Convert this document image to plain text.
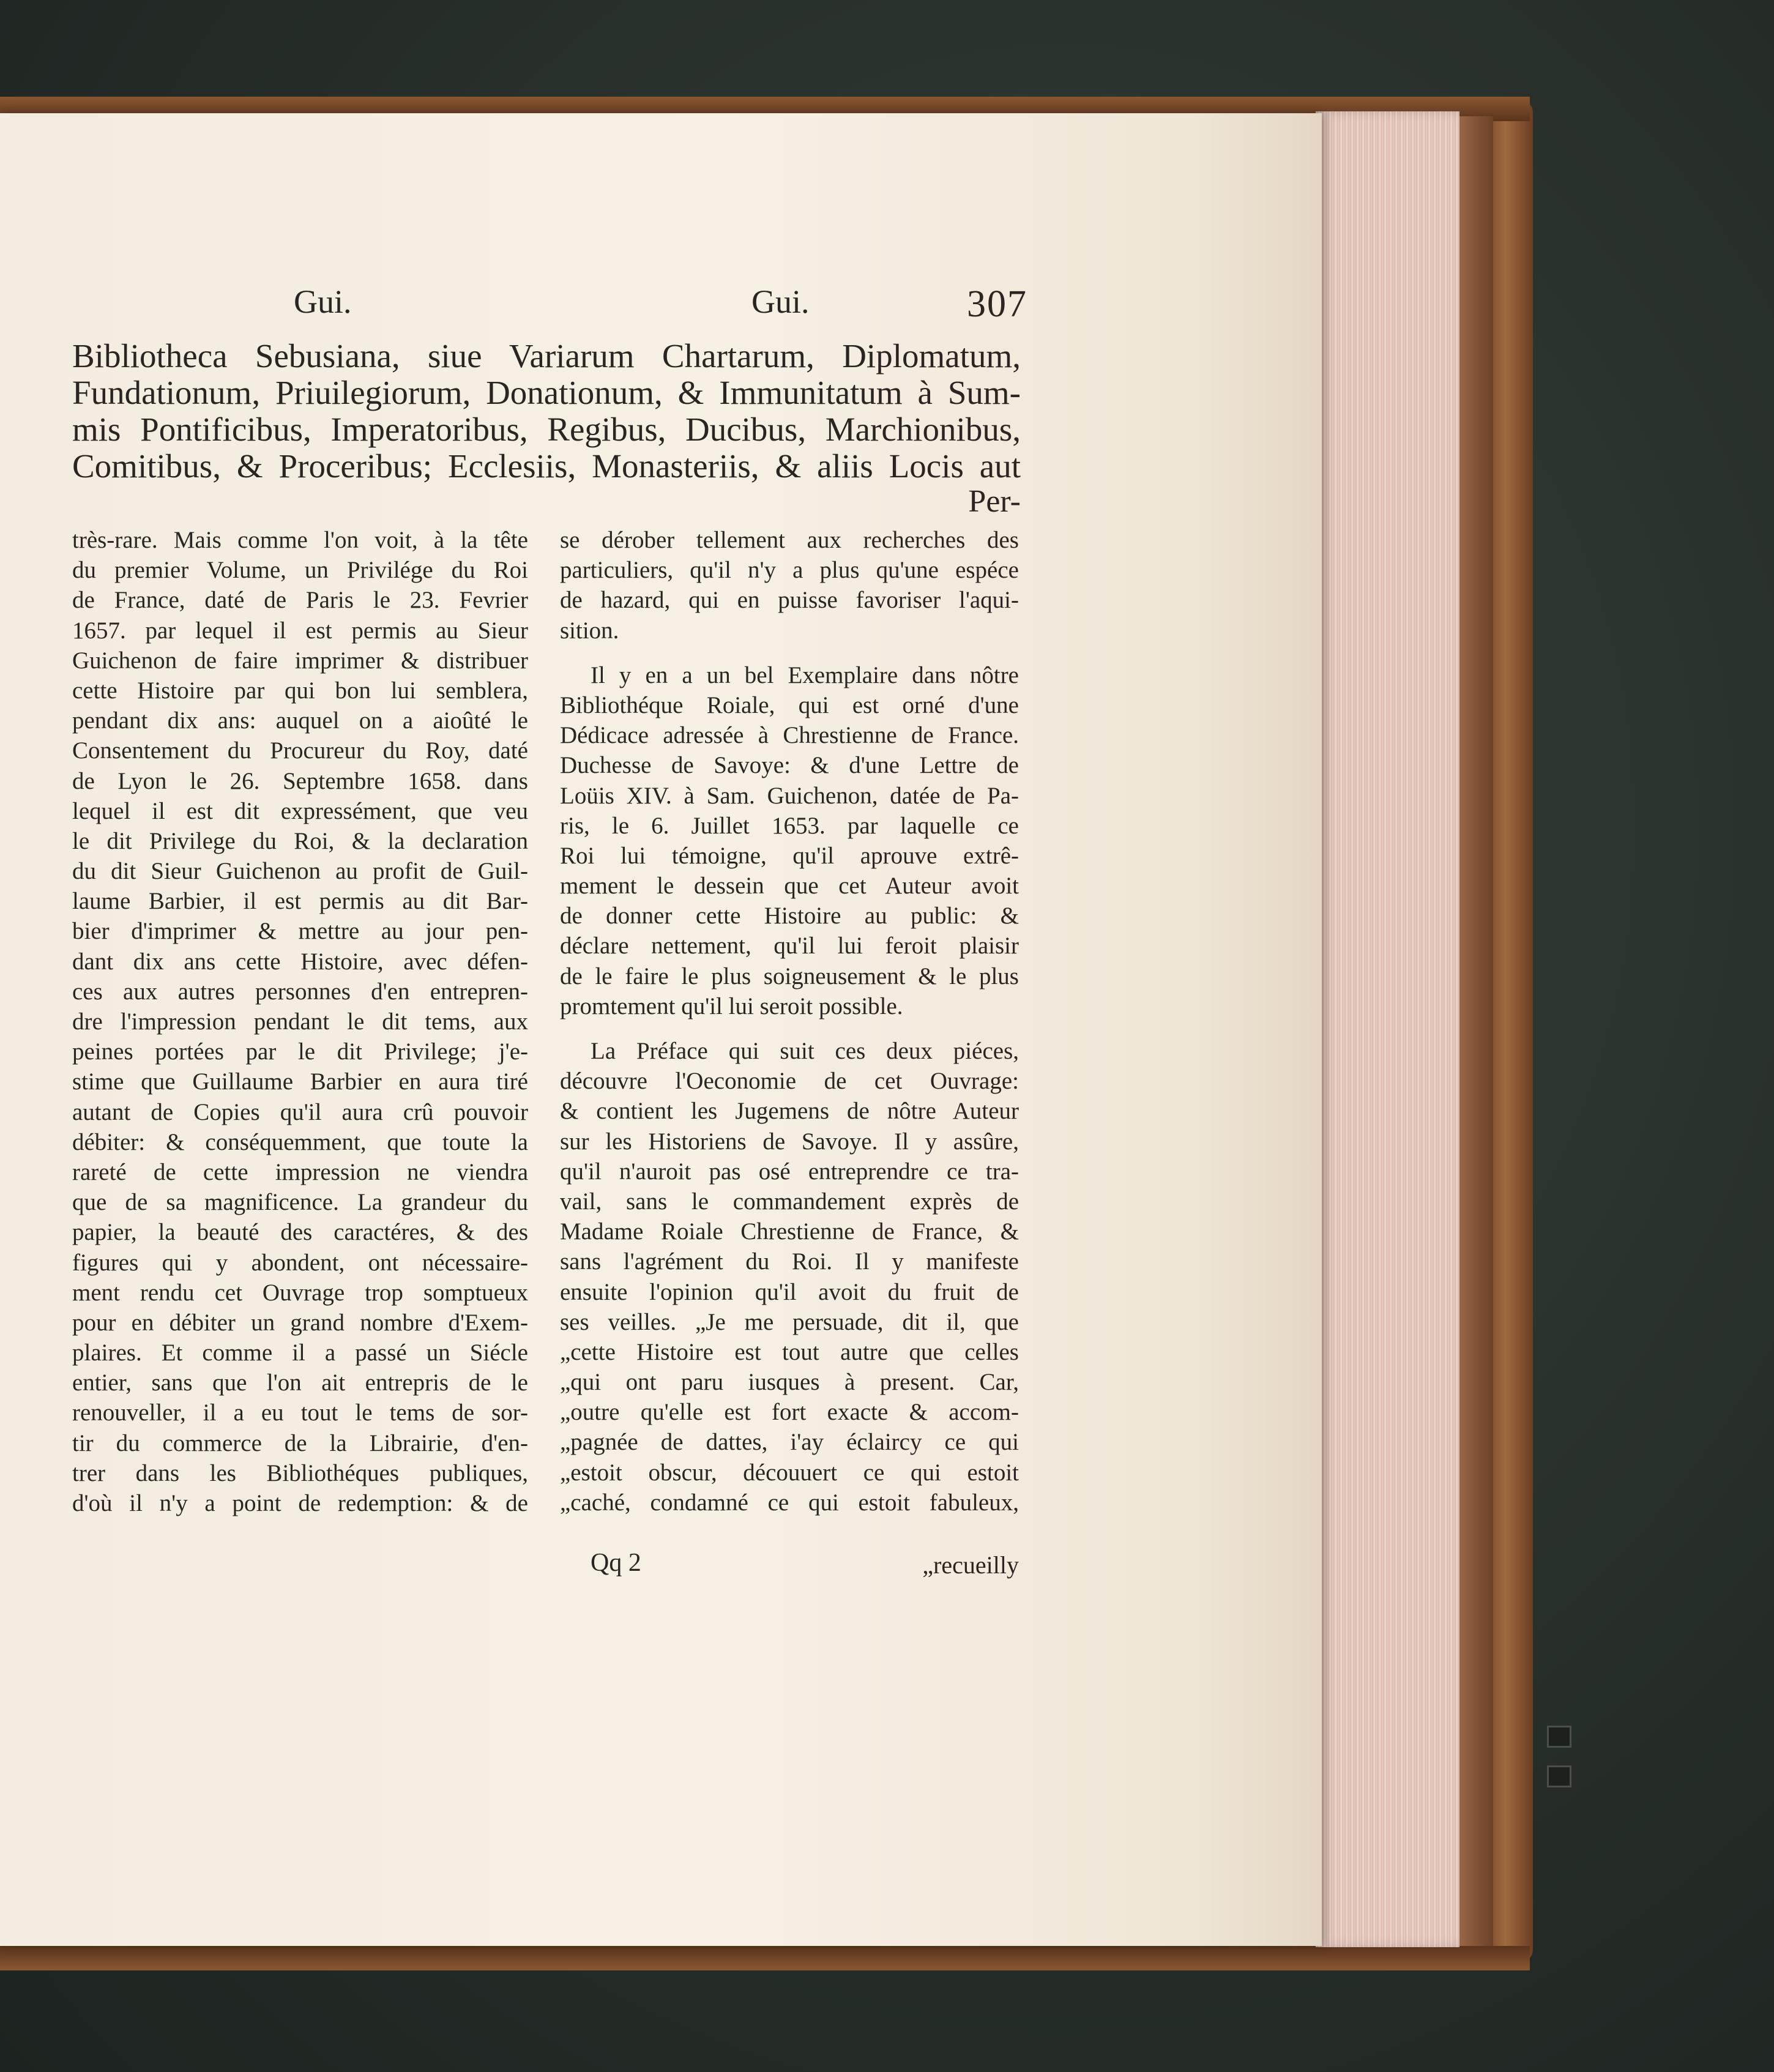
Gui.	Gui.	307
Bibliotheca Sebusiana, siue Variarum Chartarum, Diplomatum,
Fundationum, Priuilegiorum, Donationum, & Immunitatum à Sum-
mis Pontificibus, Imperatoribus, Regibus, Ducibus, Marchionibus,
Comitibus, & Proceribus; Ecclesiis, Monasteriis, & aliis Locis aut
Per-
très-rare. Mais comme l'on voit, à la tête
du premier Volume, un Privilége du Roi
de France, daté de Paris le 23. Fevrier
1657. par lequel il est permis au Sieur
Guichenon de faire imprimer & distribuer
cette Histoire par qui bon lui semblera,
pendant dix ans: auquel on a aioûté le
Consentement du Procureur du Roy, daté
de Lyon le 26. Septembre 1658. dans
lequel il est dit expressément, que veu
le dit Privilege du Roi, & la declaration
du dit Sieur Guichenon au profit de Guil-
laume Barbier, il est permis au dit Bar-
bier d'imprimer & mettre au jour pen-
dant dix ans cette Histoire, avec défen-
ces aux autres personnes d'en entrepren-
dre l'impression pendant le dit tems, aux
peines portées par le dit Privilege; j'e-
stime que Guillaume Barbier en aura tiré
autant de Copies qu'il aura crû pouvoir
débiter: & conséquemment, que toute la
rareté de cette impression ne viendra
que de sa magnificence. La grandeur du
papier, la beauté des caractéres, & des
figures qui y abondent, ont nécessaire-
ment rendu cet Ouvrage trop somptueux
pour en débiter un grand nombre d'Exem-
plaires. Et comme il a passé un Siécle
entier, sans que l'on ait entrepris de le
renouveller, il a eu tout le tems de sor-
tir du commerce de la Librairie, d'en-
trer dans les Bibliothéques publiques,
d'où il n'y a point de redemption: & de
se dérober tellement aux recherches des
particuliers, qu'il n'y a plus qu'une espéce
de hazard, qui en puisse favoriser l'aqui-
sition.
Il y en a un bel Exemplaire dans nôtre
Bibliothéque Roiale, qui est orné d'une
Dédicace adressée à Chrestienne de France.
Duchesse de Savoye: & d'une Lettre de
Loüis XIV. à Sam. Guichenon, datée de Pa-
ris, le 6. Juillet 1653. par laquelle ce
Roi lui témoigne, qu'il aprouve extrê-
mement le dessein que cet Auteur avoit
de donner cette Histoire au public: &
déclare nettement, qu'il lui feroit plaisir
de le faire le plus soigneusement & le plus
promtement qu'il lui seroit possible.
La Préface qui suit ces deux piéces,
découvre l'Oeconomie de cet Ouvrage:
& contient les Jugemens de nôtre Auteur
sur les Historiens de Savoye. Il y assûre,
qu'il n'auroit pas osé entreprendre ce tra-
vail, sans le commandement exprès de
Madame Roiale Chrestienne de France, &
sans l'agrément du Roi. Il y manifeste
ensuite l'opinion qu'il avoit du fruit de
ses veilles. „Je me persuade, dit il, que
„cette Histoire est tout autre que celles
„qui ont paru iusques à present. Car,
„outre qu'elle est fort exacte & accom-
„pagnée de dattes, i'ay éclaircy ce qui
„estoit obscur, découuert ce qui estoit
„caché, condamné ce qui estoit fabuleux,
Qq 2	„recueilly
